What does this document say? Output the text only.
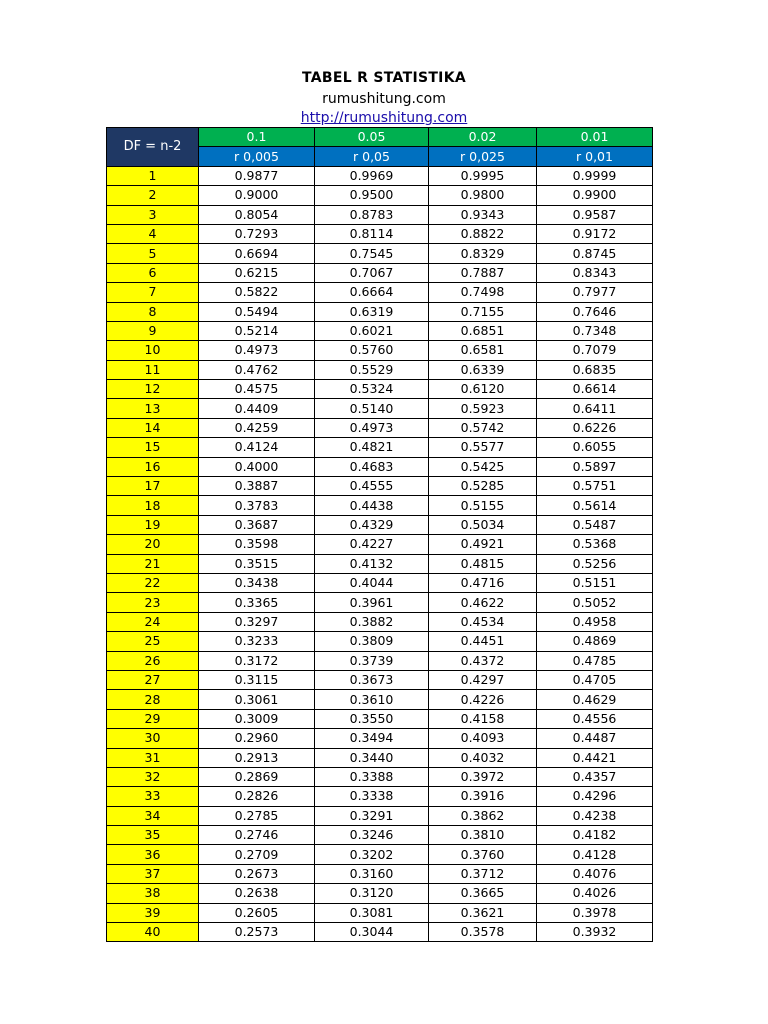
TABEL R STATISTIKA
rumushitung.com
http://rumushitung.com
DF = n-2	0.1	0.05	0.02	0.01
	r 0,005	r 0,05	r 0,025	r 0,01
1	0.9877	0.9969	0.9995	0.9999
2	0.9000	0.9500	0.9800	0.9900
3	0.8054	0.8783	0.9343	0.9587
4	0.7293	0.8114	0.8822	0.9172
5	0.6694	0.7545	0.8329	0.8745
6	0.6215	0.7067	0.7887	0.8343
7	0.5822	0.6664	0.7498	0.7977
8	0.5494	0.6319	0.7155	0.7646
9	0.5214	0.6021	0.6851	0.7348
10	0.4973	0.5760	0.6581	0.7079
11	0.4762	0.5529	0.6339	0.6835
12	0.4575	0.5324	0.6120	0.6614
13	0.4409	0.5140	0.5923	0.6411
14	0.4259	0.4973	0.5742	0.6226
15	0.4124	0.4821	0.5577	0.6055
16	0.4000	0.4683	0.5425	0.5897
17	0.3887	0.4555	0.5285	0.5751
18	0.3783	0.4438	0.5155	0.5614
19	0.3687	0.4329	0.5034	0.5487
20	0.3598	0.4227	0.4921	0.5368
21	0.3515	0.4132	0.4815	0.5256
22	0.3438	0.4044	0.4716	0.5151
23	0.3365	0.3961	0.4622	0.5052
24	0.3297	0.3882	0.4534	0.4958
25	0.3233	0.3809	0.4451	0.4869
26	0.3172	0.3739	0.4372	0.4785
27	0.3115	0.3673	0.4297	0.4705
28	0.3061	0.3610	0.4226	0.4629
29	0.3009	0.3550	0.4158	0.4556
30	0.2960	0.3494	0.4093	0.4487
31	0.2913	0.3440	0.4032	0.4421
32	0.2869	0.3388	0.3972	0.4357
33	0.2826	0.3338	0.3916	0.4296
34	0.2785	0.3291	0.3862	0.4238
35	0.2746	0.3246	0.3810	0.4182
36	0.2709	0.3202	0.3760	0.4128
37	0.2673	0.3160	0.3712	0.4076
38	0.2638	0.3120	0.3665	0.4026
39	0.2605	0.3081	0.3621	0.3978
40	0.2573	0.3044	0.3578	0.3932
